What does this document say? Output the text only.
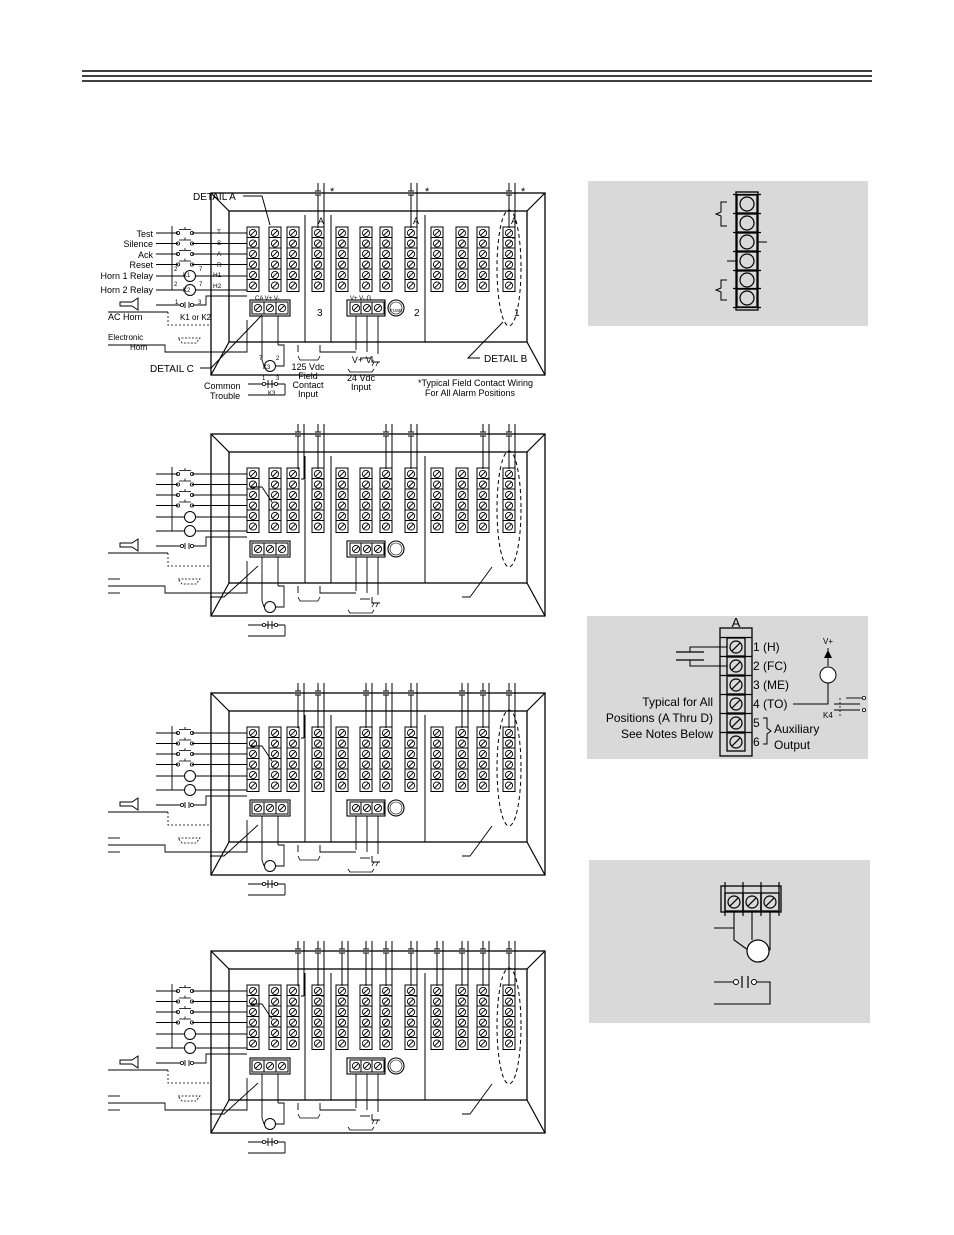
DETAIL A	*	*	*
A	A	A
T
S
A
R
H1
H2
Test
Silence
Ack
Reset
Horn 1 Relay
Horn 2 Relay
K1
K2
2	7
2	7
1	3
K1 or K2
AC Horn
Electronic
Horn
CA V+ V-
3
V+ V- G
FUSE 2	1
DETAIL C	K3
7 2
1 3
K3
Common
Trouble
125 Vdc
Field
Contact
Input
V+ V-
24 Vdc
Input
DETAIL B
*Typical Field Contact Wiring
For All Alarm Positions
A
1 (H)
2 (FC)
3 (ME)
4 (TO)
5
6
Typical for All
Positions (A Thru D)
See Notes Below	Auxiliary
Output
V+
K4
